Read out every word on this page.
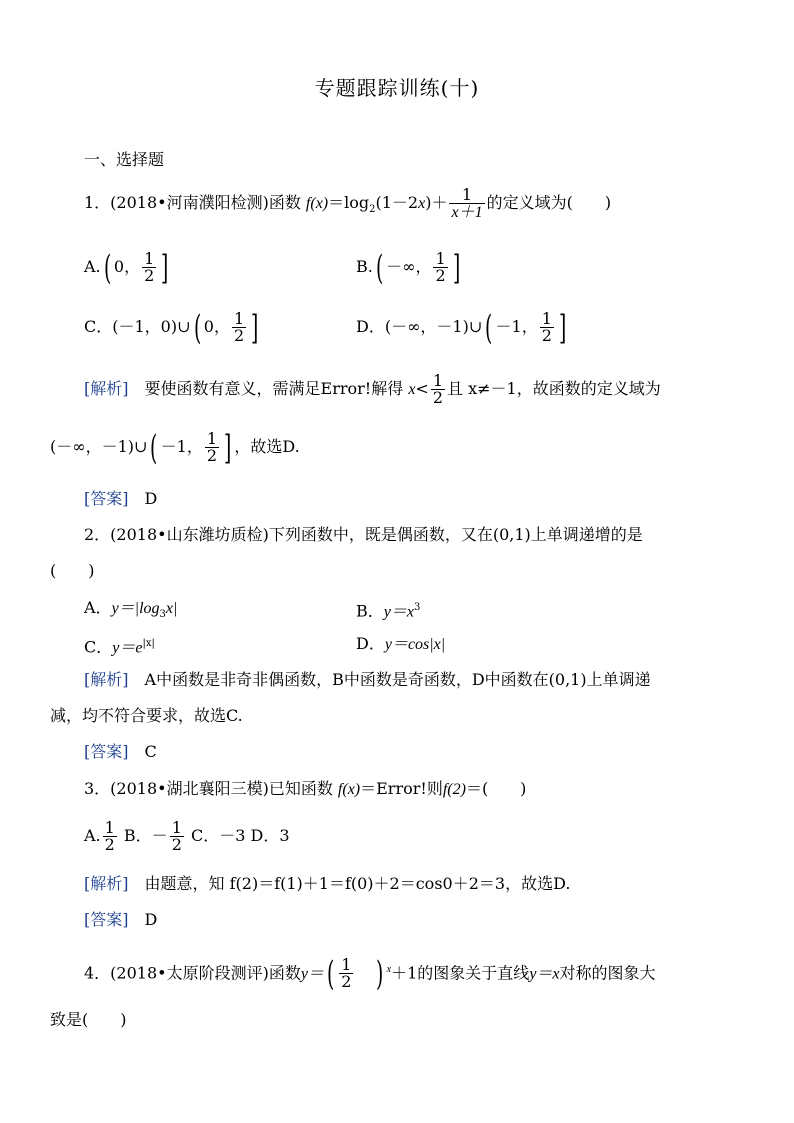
专题跟踪训练(十)
一、选择题
1．(2018•河南濮阳检测)函数 $f(x)=\log_2(1-2x)+ \frac{1}{x+1}$ 的定义域为(　　)
A.( 0， $\frac{1}{2}$ ]	B.( －∞， $\frac{1}{2}$ ]
C．(－1，0)∪( 0， $\frac{1}{2}$ ]	D．(－∞，－1)∪( －1， $\frac{1}{2}$ ]
[解析]　 要使函数有意义，需满足Error!解得 $x< \frac{1}{2}$ 且 x≠－1，故函数的定义域为
(－∞，－1)∪( －1， $\frac{1}{2}$ ] ，故选D.
[答案]　 D
2．(2018•山东潍坊质检)下列函数中，既是偶函数，又在(0,1)上单调递增的是
(　　)
A．$y=|\log_3x|$	B．$y=x^3$
C．$y=e^{|x|}$	D．y＝cos|x|
[解析]　 A中函数是非奇非偶函数，B中函数是奇函数，D中函数在(0,1)上单调递
减，均不符合要求，故选C.
[答案]　 C
3．(2018•湖北襄阳三模)已知函数 f(x)＝Error!则f(2)＝(　　)
A. $\frac{1}{2}$ B．－ $\frac{1}{2}$ C．－3 D．3
[解析]　 由题意，知 f(2)＝f(1)＋1＝f(0)＋2＝cos0＋2＝3，故选D.
[答案]　 D
4．(2018•太原阶段测评)函数$y=( \frac{1}{2}$ ) $^x$＋1的图象关于直线y＝x对称的图象大
致是(　　)
